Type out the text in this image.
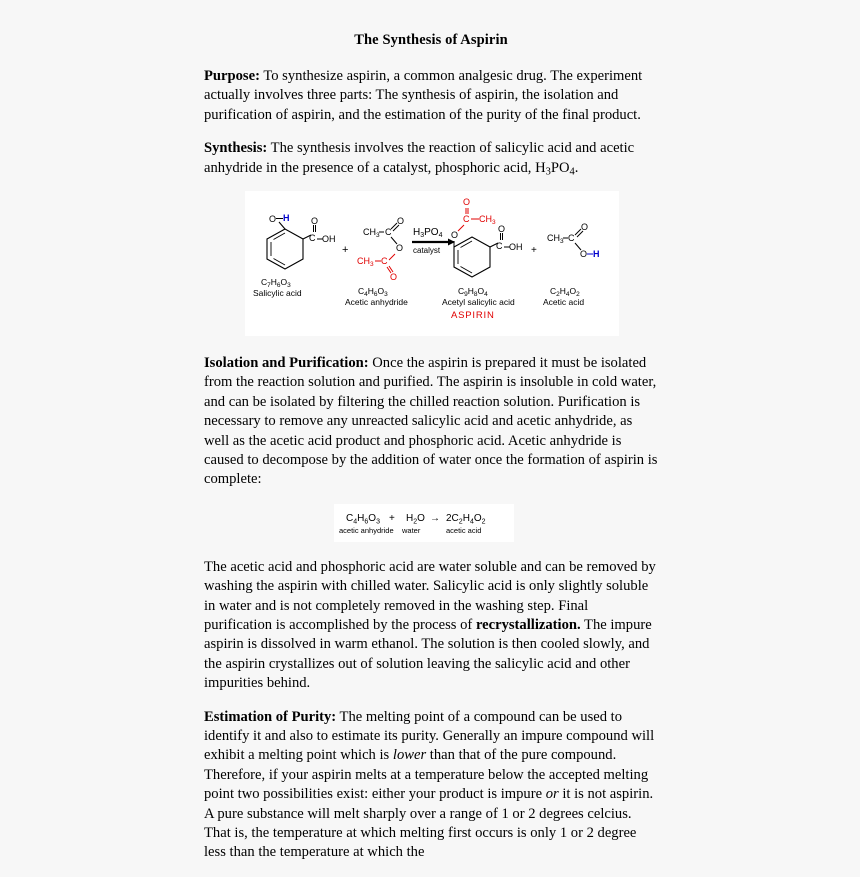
The Synthesis of Aspirin

Purpose: To synthesize aspirin, a common analgesic drug. The experiment actually involves three parts: The synthesis of aspirin, the isolation and purification of aspirin, and the estimation of the purity of the final product.

Synthesis: The synthesis involves the reaction of salicylic acid and acetic anhydride in the presence of a catalyst, phosphoric acid, $H_3PO_4$.

O H
C
O
OH
$C_7H_6O_3$
Salicylic acid
+
$CH_3$ C
O
O
$CH_3$ C
O
$C_4H_6O_3$
Acetic anhydride
$H_3PO_4$
catalyst
O
C $CH_3$
O
C
O
OH
$C_9H_8O_4$
Acetyl salicylic acid
ASPIRIN
+
$CH_3$ C
O
O H
$C_2H_4O_2$
Acetic acid

Isolation and Purification: Once the aspirin is prepared it must be isolated from the reaction solution and purified. The aspirin is insoluble in cold water, and can be isolated by filtering the chilled reaction solution. Purification is necessary to remove any unreacted salicylic acid and acetic anhydride, as well as the acetic acid product and phosphoric acid. Acetic anhydride is caused to decompose by the addition of water once the formation of aspirin is complete:

$C_4H_6O_3 + H_2O \to 2C_2H_4O_2$
acetic anhydride water	acetic acid

The acetic acid and phosphoric acid are water soluble and can be removed by washing the aspirin with chilled water. Salicylic acid is only slightly soluble in water and is not completely removed in the washing step. Final purification is accomplished by the process of recrystallization. The impure aspirin is dissolved in warm ethanol. The solution is then cooled slowly, and the aspirin crystallizes out of solution leaving the salicylic acid and other impurities behind.

Estimation of Purity: The melting point of a compound can be used to identify it and also to estimate its purity. Generally an impure compound will exhibit a melting point which is lower than that of the pure compound. Therefore, if your aspirin melts at a temperature below the accepted melting point two possibilities exist: either your product is impure or it is not aspirin. A pure substance will melt sharply over a range of 1 or 2 degrees celcius. That is, the temperature at which melting first occurs is only 1 or 2 degree less than the temperature at which the
